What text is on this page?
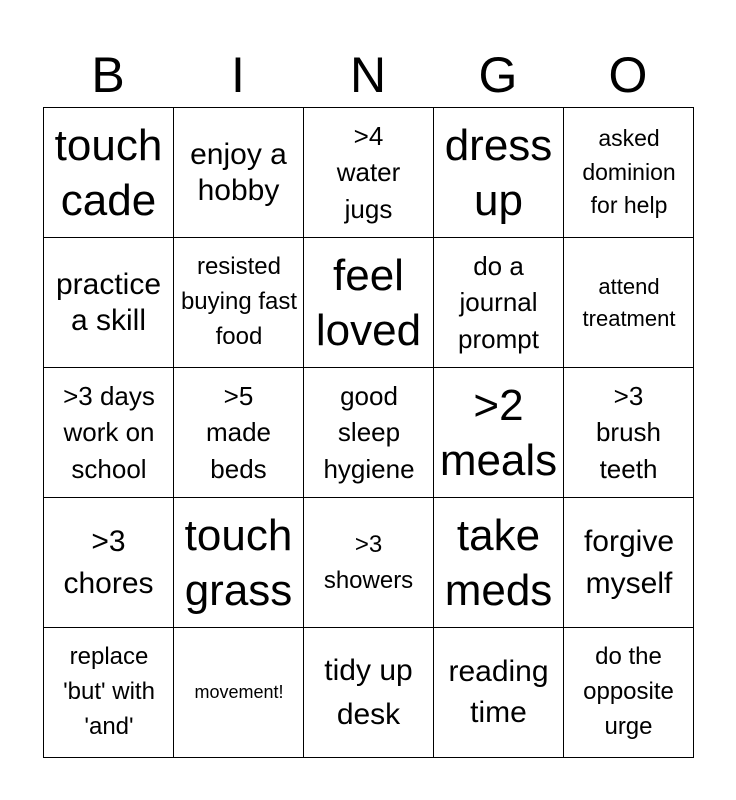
B	I	N	G	O
touch cade	enjoy a hobby	>4 water jugs	dress up	asked dominion for help

practice a skill	resisted buying fast food	feel loved	do a journal prompt	attend treatment

>3 days work on school	>5 made beds	good sleep hygiene	>2 meals	>3 brush teeth

>3 chores	touch grass	>3 showers	take meds	forgive myself

replace 'but' with 'and'	movement!	tidy up desk	reading time	do the opposite urge
